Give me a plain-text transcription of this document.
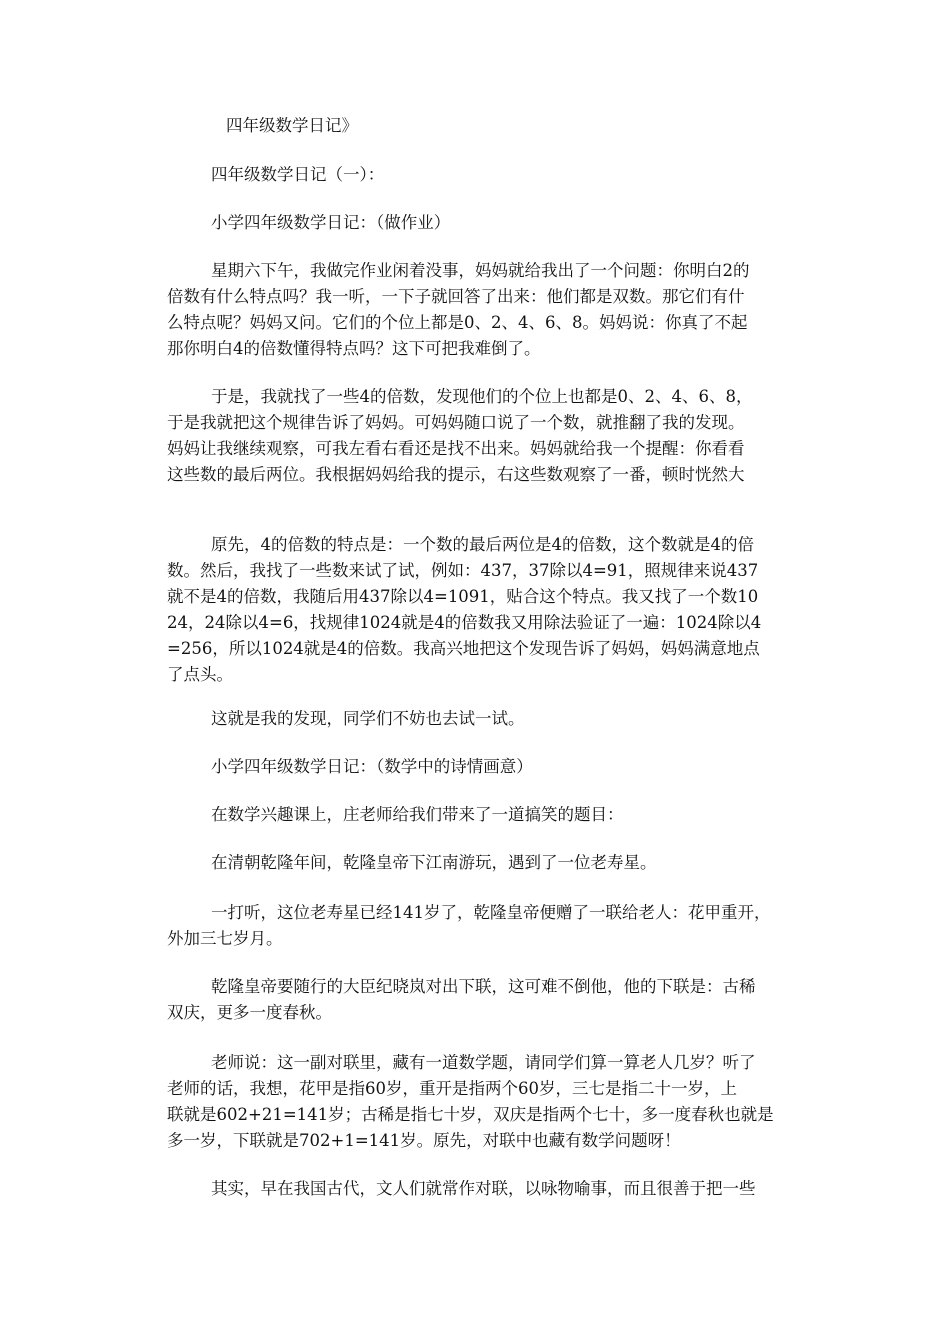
四年级数学日记》

四年级数学日记（一）：

小学四年级数学日记：（做作业）

星期六下午，我做完作业闲着没事，妈妈就给我出了一个问题：你明白2的

倍数有什么特点吗？我一听，一下子就回答了出来：他们都是双数。那它们有什

么特点呢？妈妈又问。它们的个位上都是0、2、4、6、8。妈妈说：你真了不起

那你明白4的倍数懂得特点吗？这下可把我难倒了。

于是，我就找了一些4的倍数，发现他们的个位上也都是0、2、4、6、8，

于是我就把这个规律告诉了妈妈。可妈妈随口说了一个数，就推翻了我的发现。

妈妈让我继续观察，可我左看右看还是找不出来。妈妈就给我一个提醒：你看看

这些数的最后两位。我根据妈妈给我的提示，右这些数观察了一番，顿时恍然大

原先，4的倍数的特点是：一个数的最后两位是4的倍数，这个数就是4的倍

数。然后，我找了一些数来试了试，例如：437，37除以4=91，照规律来说437

就不是4的倍数，我随后用437除以4=1091，贴合这个特点。我又找了一个数10

24，24除以4=6，找规律1024就是4的倍数我又用除法验证了一遍：1024除以4

=256，所以1024就是4的倍数。我高兴地把这个发现告诉了妈妈，妈妈满意地点

了点头。

这就是我的发现，同学们不妨也去试一试。

小学四年级数学日记：（数学中的诗情画意）

在数学兴趣课上，庄老师给我们带来了一道搞笑的题目：

在清朝乾隆年间，乾隆皇帝下江南游玩，遇到了一位老寿星。

一打听，这位老寿星已经141岁了，乾隆皇帝便赠了一联给老人：花甲重开，

外加三七岁月。

乾隆皇帝要随行的大臣纪晓岚对出下联，这可难不倒他，他的下联是：古稀

双庆，更多一度春秋。

老师说：这一副对联里，藏有一道数学题，请同学们算一算老人几岁？听了

老师的话，我想，花甲是指60岁，重开是指两个60岁，三七是指二十一岁，上

联就是602+21=141岁；古稀是指七十岁，双庆是指两个七十，多一度春秋也就是

多一岁，下联就是702+1=141岁。原先，对联中也藏有数学问题呀！

其实，早在我国古代，文人们就常作对联，以咏物喻事，而且很善于把一些
